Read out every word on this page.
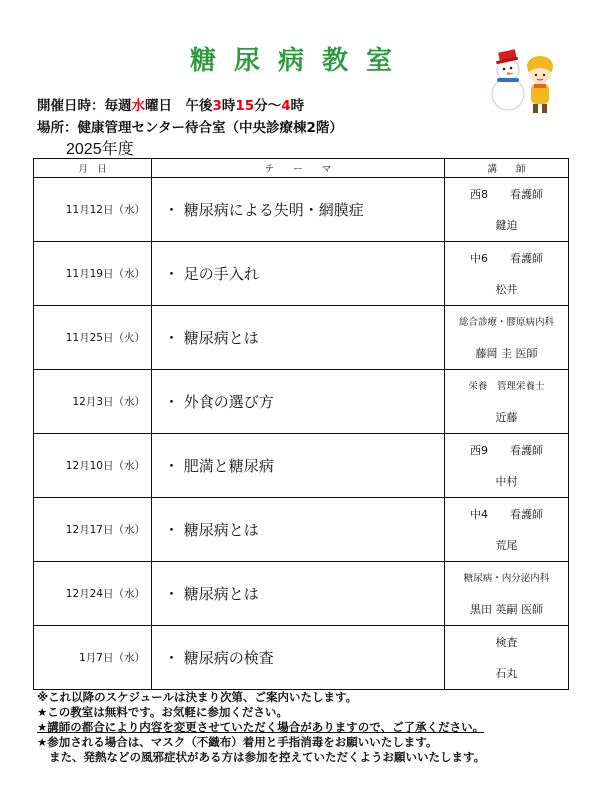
糖尿病教室
開催日時：毎週水曜日　午後3時15分〜4時
場所：健康管理センター待合室（中央診療棟2階）
2025年度
月　日	テ　　ー　　マ	講　　師
11月12日（水）	・ 糖尿病による失明・網膜症	西8　　看護師
鍵迫

11月19日（水）	・ 足の手入れ	中6　　看護師
松井

11月25日（火）	・ 糖尿病とは	総合診療・膠原病内科
藤岡 圭 医師

12月3日（水）	・ 外食の選び方	栄養　管理栄養士
近藤

12月10日（水）	・ 肥満と糖尿病	西9　　看護師
中村

12月17日（水）	・ 糖尿病とは	中4　　看護師
荒尾

12月24日（水）	・ 糖尿病とは	糖尿病・内分泌内科
黒田 英嗣 医師

1月7日（水）	・ 糖尿病の検査	検査
石丸
※これ以降のスケジュールは決まり次第、ご案内いたします。
★この教室は無料です。お気軽に参加ください。
★講師の都合により内容を変更させていただく場合がありますので、ご了承ください。
★参加される場合は、マスク（不織布）着用と手指消毒をお願いいたします。
また、発熱などの風邪症状がある方は参加を控えていただくようお願いいたします。
